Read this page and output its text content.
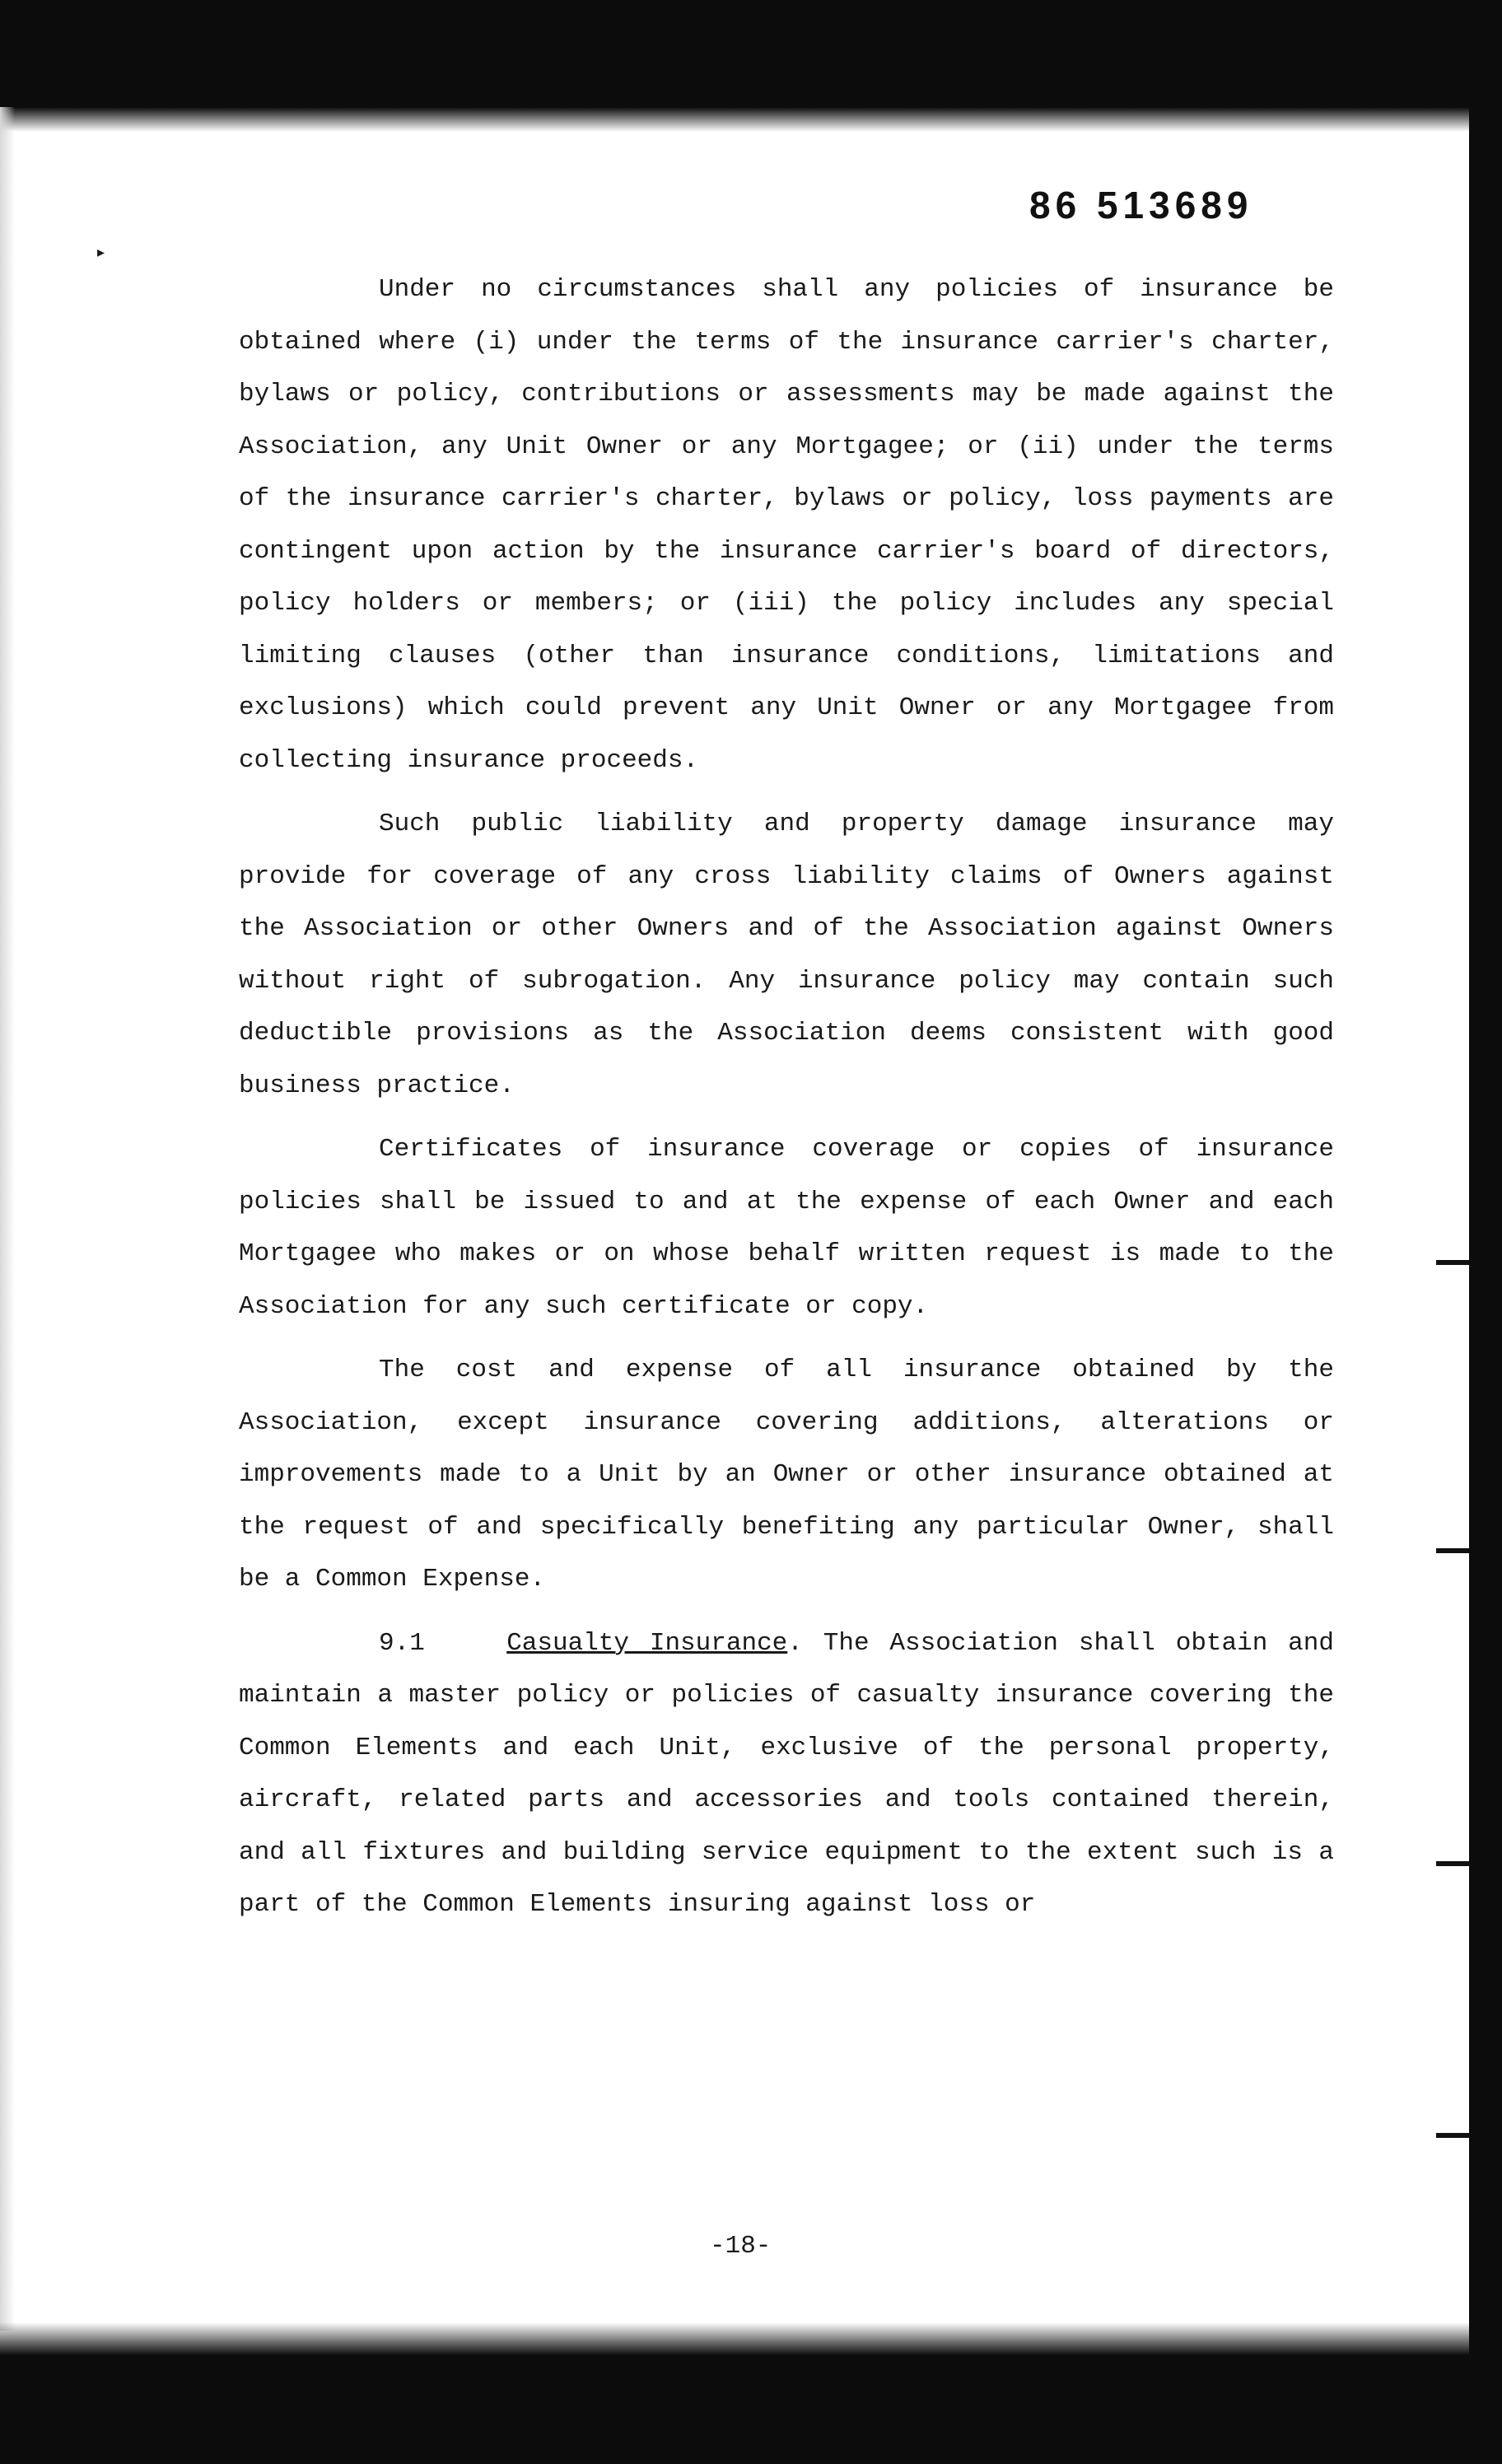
▸
86 513689

Under no circumstances shall any policies of insurance be obtained where (i) under the terms of the insurance carrier's charter, bylaws or policy, contributions or assessments may be made against the Association, any Unit Owner or any Mortgagee; or (ii) under the terms of the insurance carrier's charter, bylaws or policy, loss payments are contingent upon action by the insurance carrier's board of directors, policy holders or members; or (iii) the policy includes any special limiting clauses (other than insurance conditions, limitations and exclusions) which could prevent any Unit Owner or any Mortgagee from collecting insurance proceeds.

Such public liability and property damage insurance may provide for coverage of any cross liability claims of Owners against the Association or other Owners and of the Association against Owners without right of subrogation. Any insurance policy may contain such deductible provisions as the Association deems consistent with good business practice.

Certificates of insurance coverage or copies of insurance policies shall be issued to and at the expense of each Owner and each Mortgagee who makes or on whose behalf written request is made to the Association for any such certificate or copy.

The cost and expense of all insurance obtained by the Association, except insurance covering additions, alterations or improvements made to a Unit by an Owner or other insurance obtained at the request of and specifically benefiting any particular Owner, shall be a Common Expense.

9.1	Casualty Insurance. The Association shall obtain and maintain a master policy or policies of casualty insurance covering the Common Elements and each Unit, exclusive of the personal property, aircraft, related parts and accessories and tools contained therein, and all fixtures and building service equipment to the extent such is a part of the Common Elements insuring against loss or

-18-
